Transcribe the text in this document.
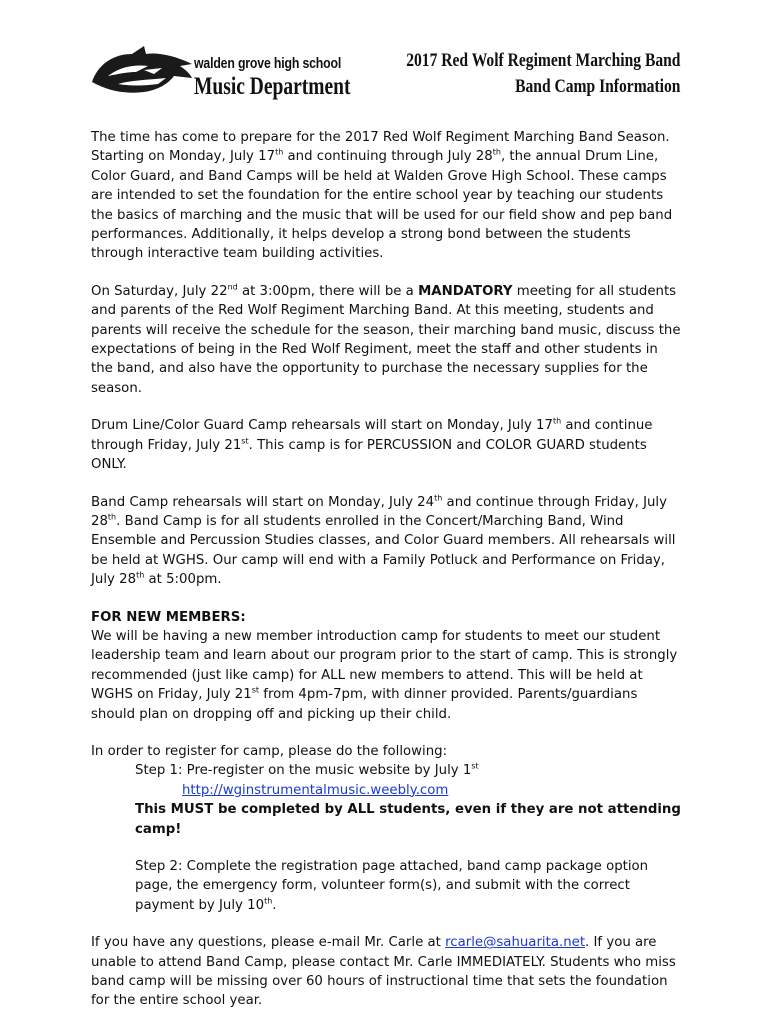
walden grove high school
Music Department
2017 Red Wolf Regiment Marching Band
Band Camp Information

The time has come to prepare for the 2017 Red Wolf Regiment Marching Band Season. Starting on Monday, July 17th and continuing through July 28th, the annual Drum Line, Color Guard, and Band Camps will be held at Walden Grove High School. These camps are intended to set the foundation for the entire school year by teaching our students the basics of marching and the music that will be used for our field show and pep band performances. Additionally, it helps develop a strong bond between the students through interactive team building activities.

On Saturday, July 22nd at 3:00pm, there will be a MANDATORY meeting for all students and parents of the Red Wolf Regiment Marching Band. At this meeting, students and parents will receive the schedule for the season, their marching band music, discuss the expectations of being in the Red Wolf Regiment, meet the staff and other students in the band, and also have the opportunity to purchase the necessary supplies for the season.

Drum Line/Color Guard Camp rehearsals will start on Monday, July 17th and continue through Friday, July 21st. This camp is for PERCUSSION and COLOR GUARD students ONLY.

Band Camp rehearsals will start on Monday, July 24th and continue through Friday, July 28th. Band Camp is for all students enrolled in the Concert/Marching Band, Wind Ensemble and Percussion Studies classes, and Color Guard members. All rehearsals will be held at WGHS. Our camp will end with a Family Potluck and Performance on Friday, July 28th at 5:00pm.

FOR NEW MEMBERS:
We will be having a new member introduction camp for students to meet our student leadership team and learn about our program prior to the start of camp. This is strongly recommended (just like camp) for ALL new members to attend. This will be held at WGHS on Friday, July 21st from 4pm-7pm, with dinner provided. Parents/guardians should plan on dropping off and picking up their child.

In order to register for camp, please do the following:

Step 1: Pre-register on the music website by July 1st

http://wginstrumentalmusic.weebly.com

This MUST be completed by ALL students, even if they are not attending camp!

Step 2: Complete the registration page attached, band camp package option page, the emergency form, volunteer form(s), and submit with the correct payment by July 10th.

If you have any questions, please e-mail Mr. Carle at rcarle@sahuarita.net. If you are unable to attend Band Camp, please contact Mr. Carle IMMEDIATELY. Students who miss band camp will be missing over 60 hours of instructional time that sets the foundation for the entire school year.
